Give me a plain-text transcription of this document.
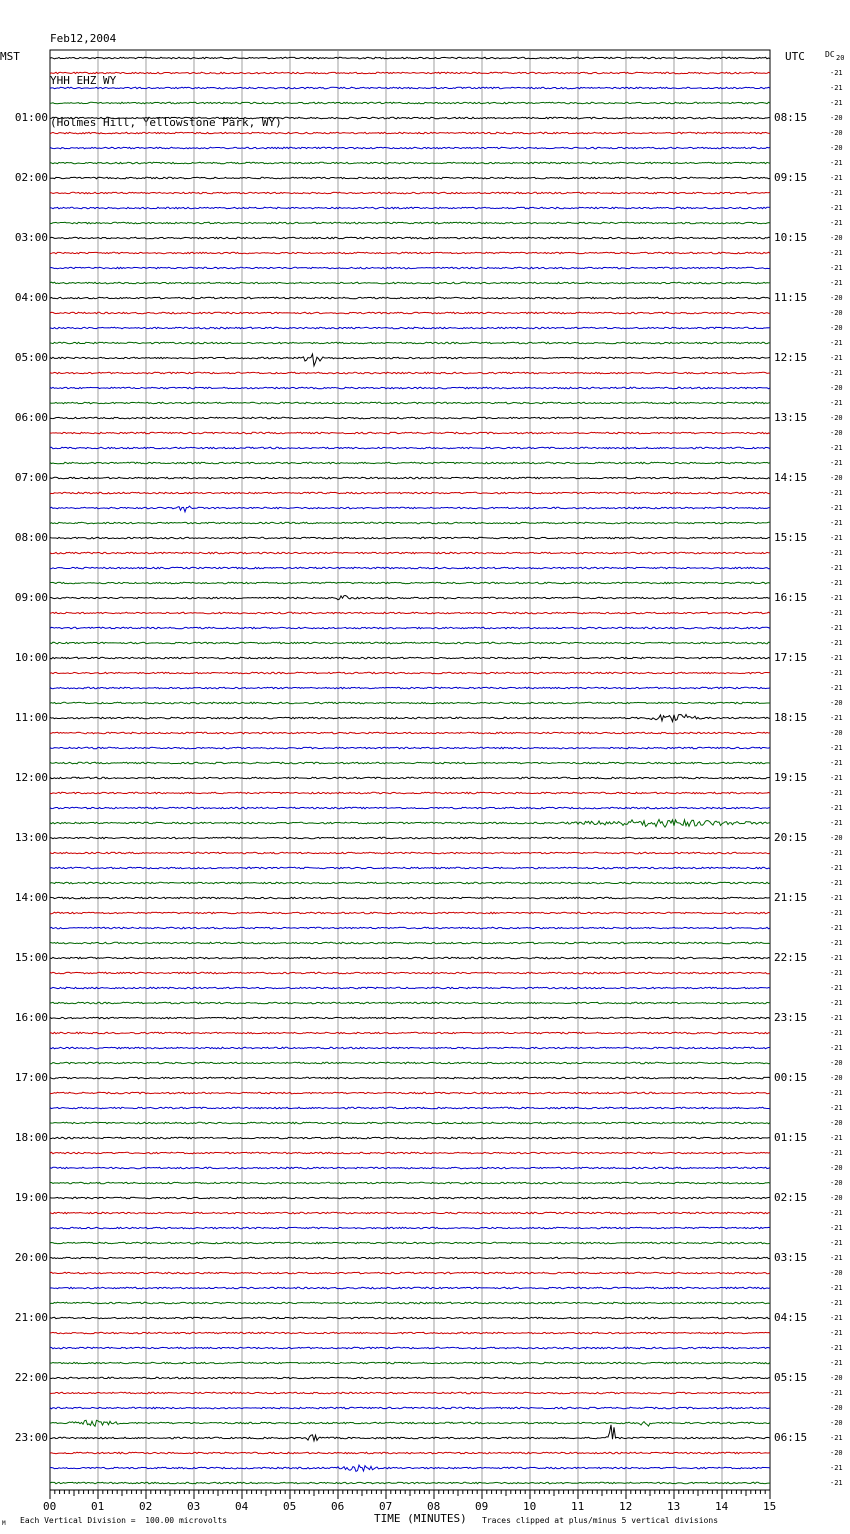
Feb12,2004

YHH EHZ WY

(Holmes Hill, Yellowstone Park, WY)

MST	UTC	DC
01:00
02:00
03:00
04:00
05:00
06:00
07:00
08:00
09:00
10:00
11:00
12:00
13:00
14:00
15:00
16:00
17:00
18:00
19:00
20:00
21:00
22:00
23:00
08:15
09:15
10:15
11:15
12:15
13:15
14:15
15:15
16:15
17:15
18:15
19:15
20:15
21:15
22:15
23:15
00:15
01:15
02:15
03:15
04:15
05:15
06:15
20
-21
-21
-21
-20
-20
-20
-21
-21
-21
-21
-21
-20
-21
-21
-21
-20
-20
-20
-21
-21
-21
-20
-21
-20
-20
-21
-21
-20
-21
-21
-21
-21
-21
-21
-21
-21
-21
-21
-21
-21
-21
-21
-20
-21
-20
-21
-21
-21
-21
-21
-21
-20
-21
-21
-21
-21
-21
-21
-21
-21
-21
-21
-21
-21
-21
-21
-20
-20
-21
-21
-20
-21
-21
-20
-20
-20
-21
-21
-21
-21
-20
-21
-21
-21
-21
-21
-21
-20
-21
-20
-20
-21
-20
-21
-21
00	01	02	03	04	05	06	07	08	09	10	11	12	13	14	15
M Each Vertical Division =  100.00 microvolts	TIME (MINUTES) Traces clipped at plus/minus 5 vertical divisions
